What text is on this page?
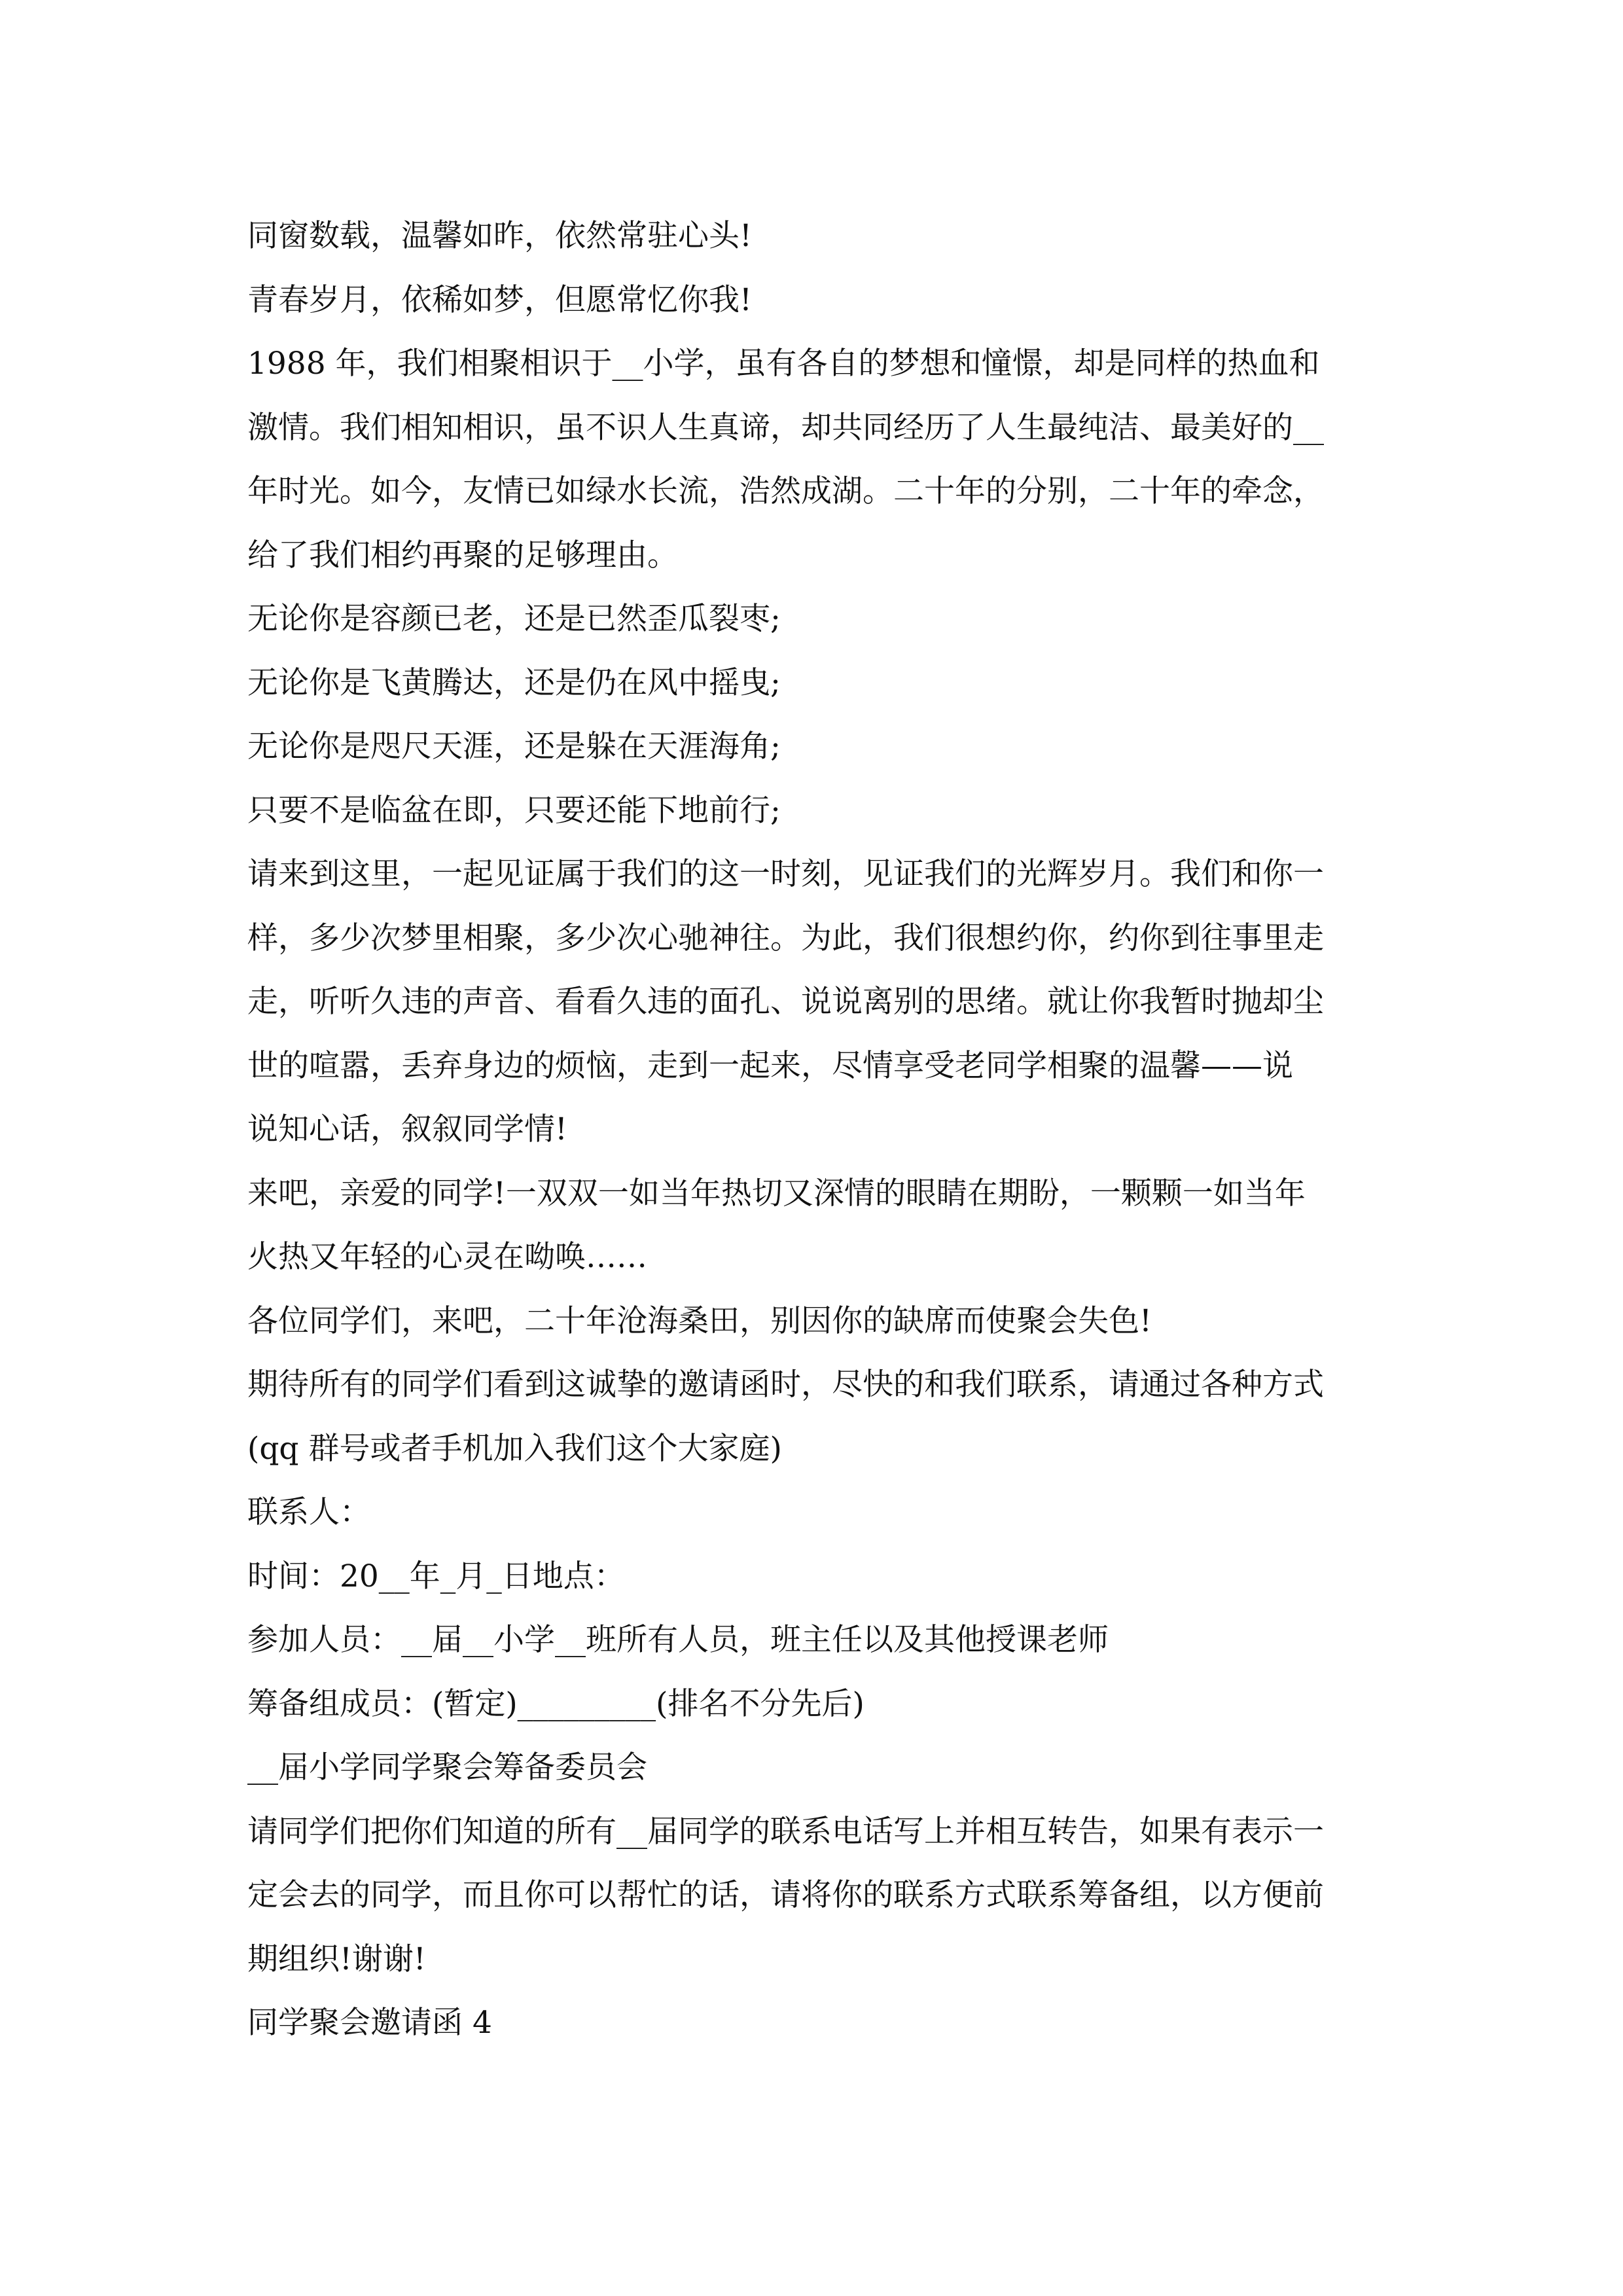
同窗数载，温馨如昨，依然常驻心头!
青春岁月，依稀如梦，但愿常忆你我!
1988 年，我们相聚相识于__小学，虽有各自的梦想和憧憬，却是同样的热血和
激情。我们相知相识，虽不识人生真谛，却共同经历了人生最纯洁、最美好的__
年时光。如今，友情已如绿水长流，浩然成湖。二十年的分别，二十年的牵念，
给了我们相约再聚的足够理由。
无论你是容颜已老，还是已然歪瓜裂枣;
无论你是飞黄腾达，还是仍在风中摇曳;
无论你是咫尺天涯，还是躲在天涯海角;
只要不是临盆在即，只要还能下地前行;
请来到这里，一起见证属于我们的这一时刻，见证我们的光辉岁月。我们和你一
样，多少次梦里相聚，多少次心驰神往。为此，我们很想约你，约你到往事里走
走，听听久违的声音、看看久违的面孔、说说离别的思绪。就让你我暂时抛却尘
世的喧嚣，丢弃身边的烦恼，走到一起来，尽情享受老同学相聚的温馨——说
说知心话，叙叙同学情!
来吧，亲爱的同学!一双双一如当年热切又深情的眼睛在期盼，一颗颗一如当年
火热又年轻的心灵在呦唤……
各位同学们，来吧，二十年沧海桑田，别因你的缺席而使聚会失色!
期待所有的同学们看到这诚挚的邀请函时，尽快的和我们联系，请通过各种方式
(qq 群号或者手机加入我们这个大家庭)
联系人：
时间：20__年_月_日地点：
参加人员：__届__小学__班所有人员，班主任以及其他授课老师
筹备组成员：(暂定)_________(排名不分先后)
__届小学同学聚会筹备委员会
请同学们把你们知道的所有__届同学的联系电话写上并相互转告，如果有表示一
定会去的同学，而且你可以帮忙的话，请将你的联系方式联系筹备组，以方便前
期组织!谢谢!
同学聚会邀请函 4
